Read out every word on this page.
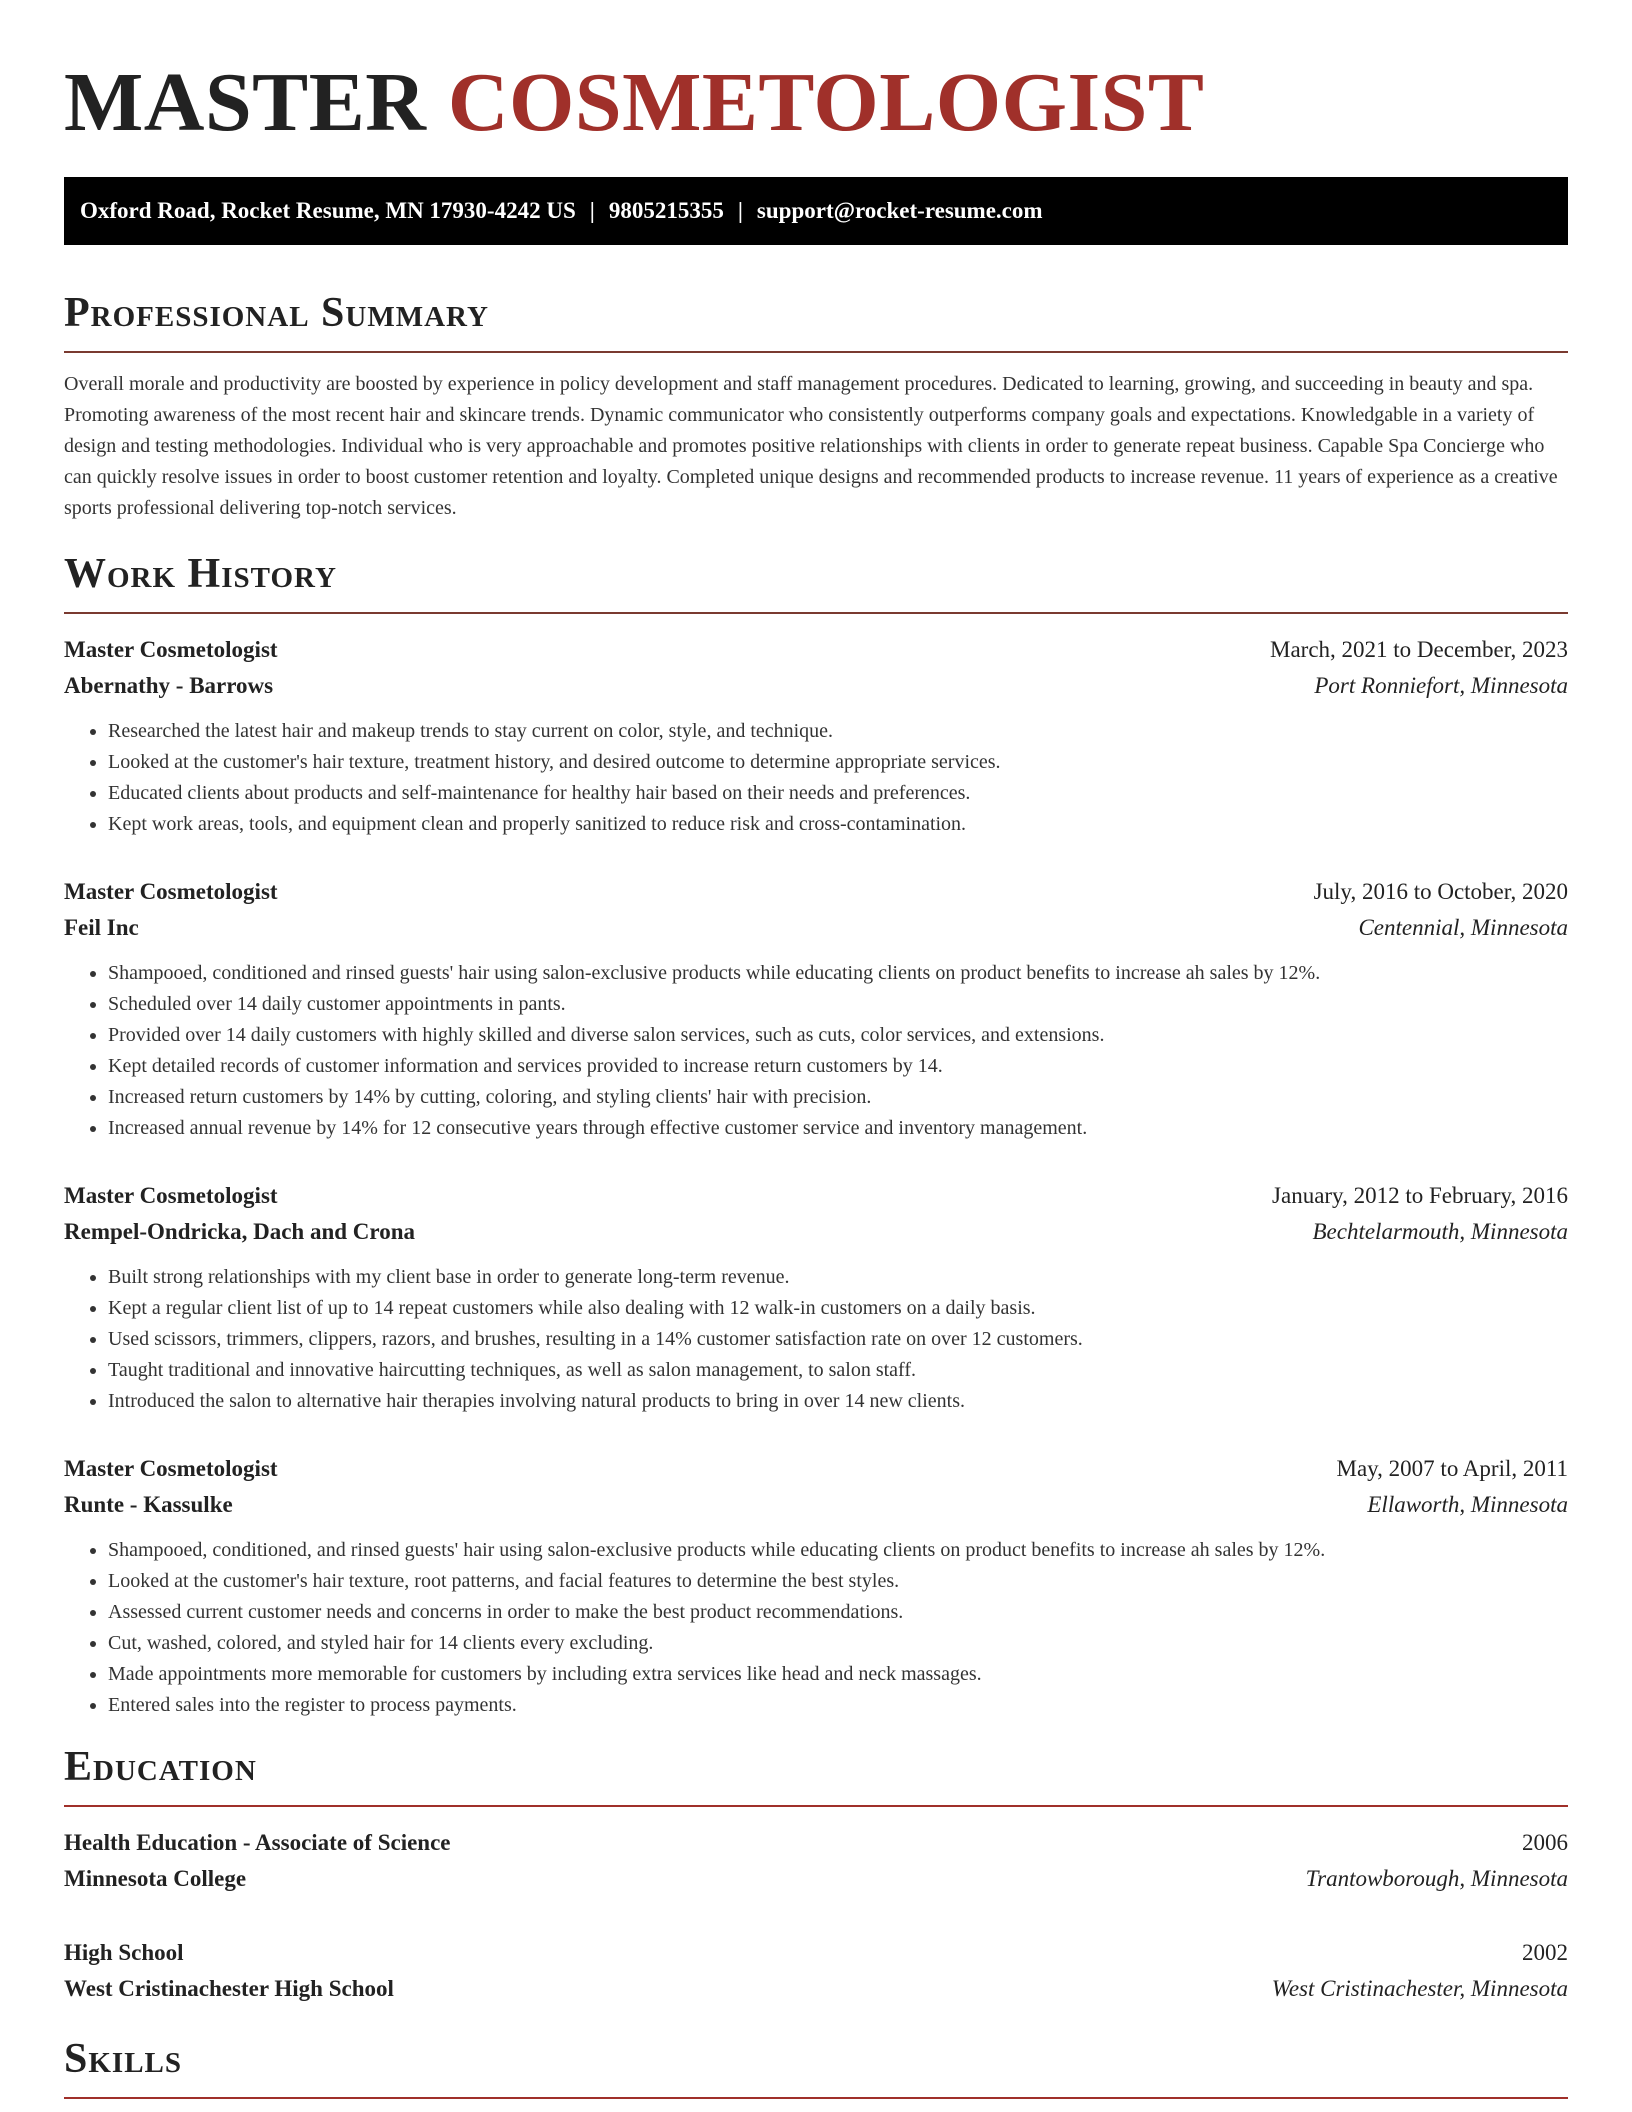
MASTER COSMETOLOGIST
Oxford Road, Rocket Resume, MN 17930-4242 US | 9805215355 | support@rocket-resume.com
Professional Summary

Overall morale and productivity are boosted by experience in policy development and staff management procedures. Dedicated to learning, growing, and succeeding in beauty and spa. Promoting awareness of the most recent hair and skincare trends. Dynamic communicator who consistently outperforms company goals and expectations. Knowledgable in a variety of design and testing methodologies. Individual who is very approachable and promotes positive relationships with clients in order to generate repeat business. Capable Spa Concierge who can quickly resolve issues in order to boost customer retention and loyalty. Completed unique designs and recommended products to increase revenue. 11 years of experience as a creative sports professional delivering top-notch services.

Work History
Master Cosmetologist	March, 2021 to December, 2023
Abernathy - Barrows	Port Ronniefort, Minnesota
• Researched the latest hair and makeup trends to stay current on color, style, and technique.
• Looked at the customer's hair texture, treatment history, and desired outcome to determine appropriate services.
• Educated clients about products and self-maintenance for healthy hair based on their needs and preferences.
• Kept work areas, tools, and equipment clean and properly sanitized to reduce risk and cross-contamination.
Master Cosmetologist	July, 2016 to October, 2020
Feil Inc	Centennial, Minnesota
• Shampooed, conditioned and rinsed guests' hair using salon-exclusive products while educating clients on product benefits to increase ah sales by 12%.
• Scheduled over 14 daily customer appointments in pants.
• Provided over 14 daily customers with highly skilled and diverse salon services, such as cuts, color services, and extensions.
• Kept detailed records of customer information and services provided to increase return customers by 14.
• Increased return customers by 14% by cutting, coloring, and styling clients' hair with precision.
• Increased annual revenue by 14% for 12 consecutive years through effective customer service and inventory management.
Master Cosmetologist	January, 2012 to February, 2016
Rempel-Ondricka, Dach and Crona	Bechtelarmouth, Minnesota
• Built strong relationships with my client base in order to generate long-term revenue.
• Kept a regular client list of up to 14 repeat customers while also dealing with 12 walk-in customers on a daily basis.
• Used scissors, trimmers, clippers, razors, and brushes, resulting in a 14% customer satisfaction rate on over 12 customers.
• Taught traditional and innovative haircutting techniques, as well as salon management, to salon staff.
• Introduced the salon to alternative hair therapies involving natural products to bring in over 14 new clients.
Master Cosmetologist	May, 2007 to April, 2011
Runte - Kassulke	Ellaworth, Minnesota
• Shampooed, conditioned, and rinsed guests' hair using salon-exclusive products while educating clients on product benefits to increase ah sales by 12%.
• Looked at the customer's hair texture, root patterns, and facial features to determine the best styles.
• Assessed current customer needs and concerns in order to make the best product recommendations.
• Cut, washed, colored, and styled hair for 14 clients every excluding.
• Made appointments more memorable for customers by including extra services like head and neck massages.
• Entered sales into the register to process payments.
Education
Health Education - Associate of Science	2006
Minnesota College	Trantowborough, Minnesota
High School	2002
West Cristinachester High School	West Cristinachester, Minnesota
Skills
